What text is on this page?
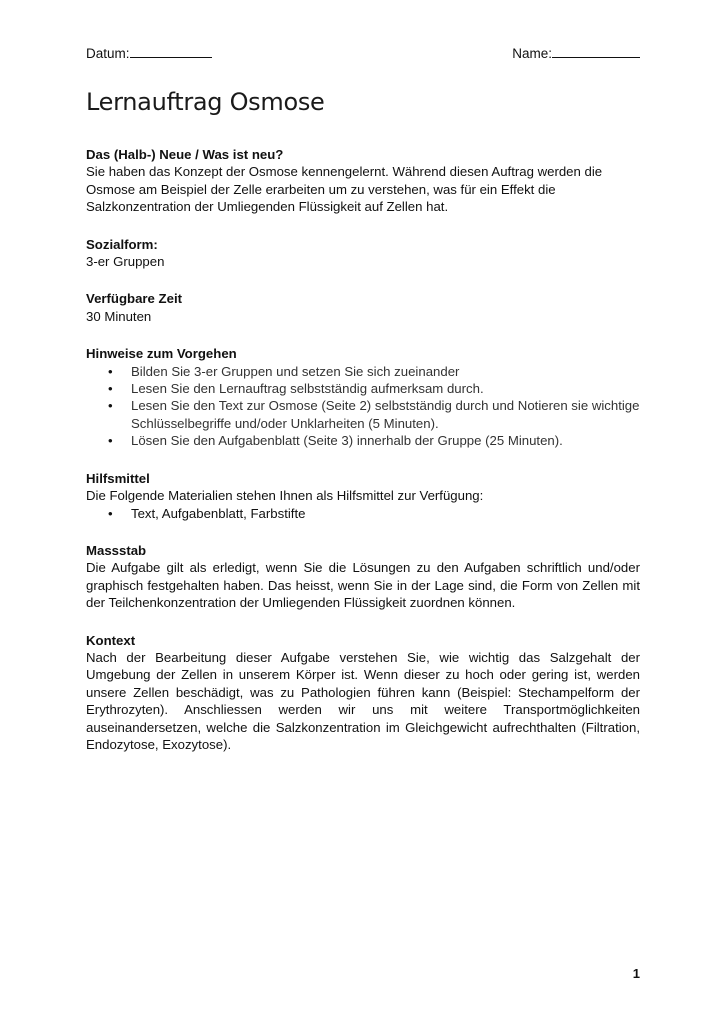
Datum:	Name:
Lernauftrag Osmose
Das (Halb-) Neue / Was ist neu?

Sie haben das Konzept der Osmose kennengelernt. Während diesen Auftrag werden die Osmose am Beispiel der Zelle erarbeiten um zu verstehen, was für ein Effekt die Salzkonzentration der Umliegenden Flüssigkeit auf Zellen hat.

Sozialform:

3-er Gruppen

Verfügbare Zeit

30 Minuten

Hinweise zum Vorgehen
• Bilden Sie 3-er Gruppen und setzen Sie sich zueinander
• Lesen Sie den Lernauftrag selbstständig aufmerksam durch.
• Lesen Sie den Text zur Osmose (Seite 2) selbstständig durch und Notieren sie wichtige Schlüsselbegriffe und/oder Unklarheiten (5 Minuten).
• Lösen Sie den Aufgabenblatt (Seite 3) innerhalb der Gruppe (25 Minuten).
Hilfsmittel

Die Folgende Materialien stehen Ihnen als Hilfsmittel zur Verfügung:

• Text, Aufgabenblatt, Farbstifte
Massstab

Die Aufgabe gilt als erledigt, wenn Sie die Lösungen zu den Aufgaben schriftlich und/oder graphisch festgehalten haben. Das heisst, wenn Sie in der Lage sind, die Form von Zellen mit der Teilchenkonzentration der Umliegenden Flüssigkeit zuordnen können.

Kontext

Nach der Bearbeitung dieser Aufgabe verstehen Sie, wie wichtig das Salzgehalt der Umgebung der Zellen in unserem Körper ist. Wenn dieser zu hoch oder gering ist, werden unsere Zellen beschädigt, was zu Pathologien führen kann (Beispiel: Stechampelform der Erythrozyten). Anschliessen werden wir uns mit weitere Transportmöglichkeiten auseinandersetzen, welche die Salzkonzentration im Gleichgewicht aufrechthalten (Filtration, Endozytose, Exozytose).

1
